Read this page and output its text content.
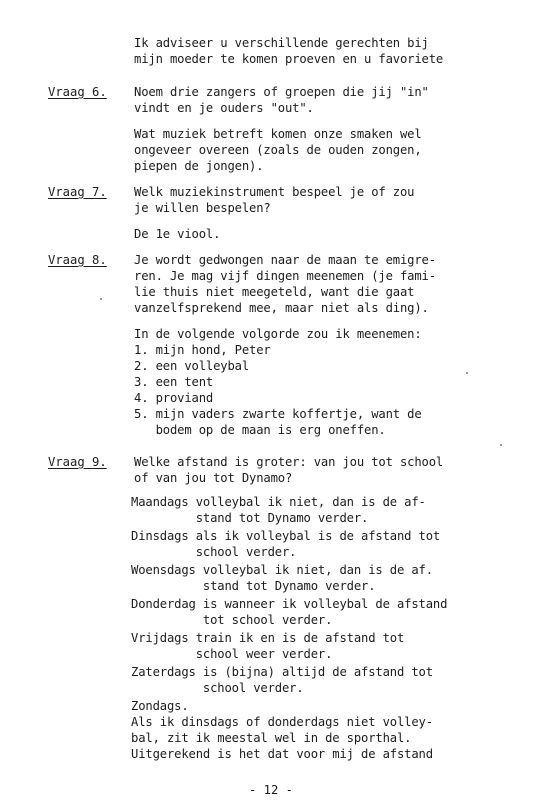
Ik adviseer u verschillende gerechten bij
mijn moeder te komen proeven en u favoriete
Vraag 6. Noem drie zangers of groepen die jij "in"
vindt en je ouders "out".
Wat muziek betreft komen onze smaken wel
ongeveer overeen (zoals de ouden zongen,
piepen de jongen).
Vraag 7. Welk muziekinstrument bespeel je of zou
je willen bespelen?
De 1e viool.
Vraag 8. Je wordt gedwongen naar de maan te emigre-
ren. Je mag vijf dingen meenemen (je fami-
lie thuis niet meegeteld, want die gaat
vanzelfsprekend mee, maar niet als ding).
In de volgende volgorde zou ik meenemen:
1. mijn hond, Peter
2. een volleybal
3. een tent
4. proviand
5. mijn vaders zwarte koffertje, want de
bodem op de maan is erg oneffen.
Vraag 9. Welke afstand is groter: van jou tot school
of van jou tot Dynamo?
Maandags volleybal ik niet, dan is de af-
stand tot Dynamo verder.
Dinsdags als ik volleybal is de afstand tot
school verder.
Woensdags volleybal ik niet, dan is de af.
stand tot Dynamo verder.
Donderdag is wanneer ik volleybal de afstand
tot school verder.
Vrijdags train ik en is de afstand tot
school weer verder.
Zaterdags is (bijna) altijd de afstand tot
school verder.
Zondags.
Als ik dinsdags of donderdags niet volley-
bal, zit ik meestal wel in de sporthal.
Uitgerekend is het dat voor mij de afstand
- 12 -
